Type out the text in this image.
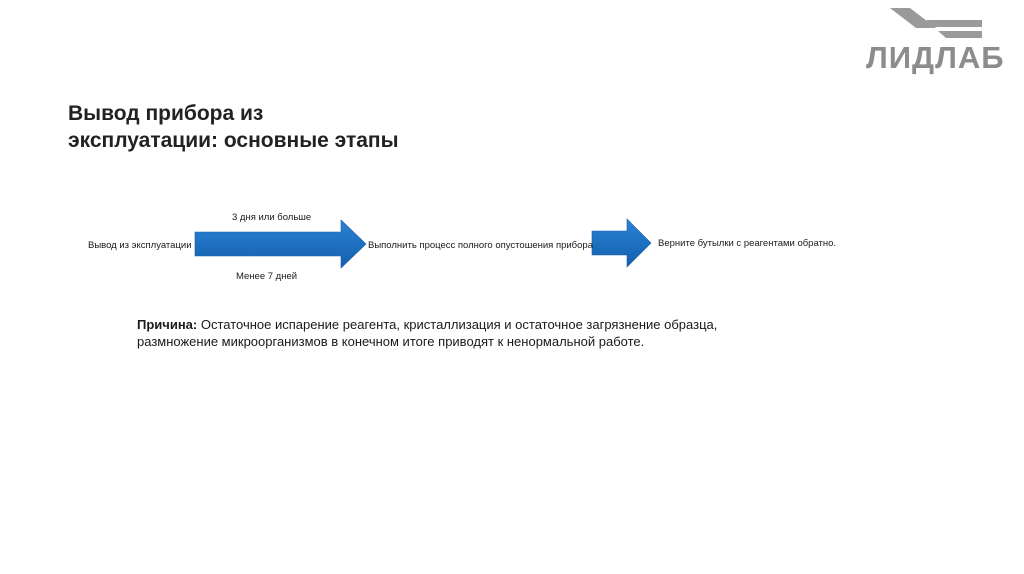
ЛИДЛАБ
Вывод прибора из
эксплуатации: основные этапы
Вывод из эксплуатации
3 дня или больше
Менее 7 дней
Выполнить процесс полного опустошения прибора	Верните бутылки с реагентами обратно.

Причина: Остаточное испарение реагента, кристаллизация и остаточное загрязнение образца, размножение микроорганизмов в конечном итоге приводят к ненормальной работе.
